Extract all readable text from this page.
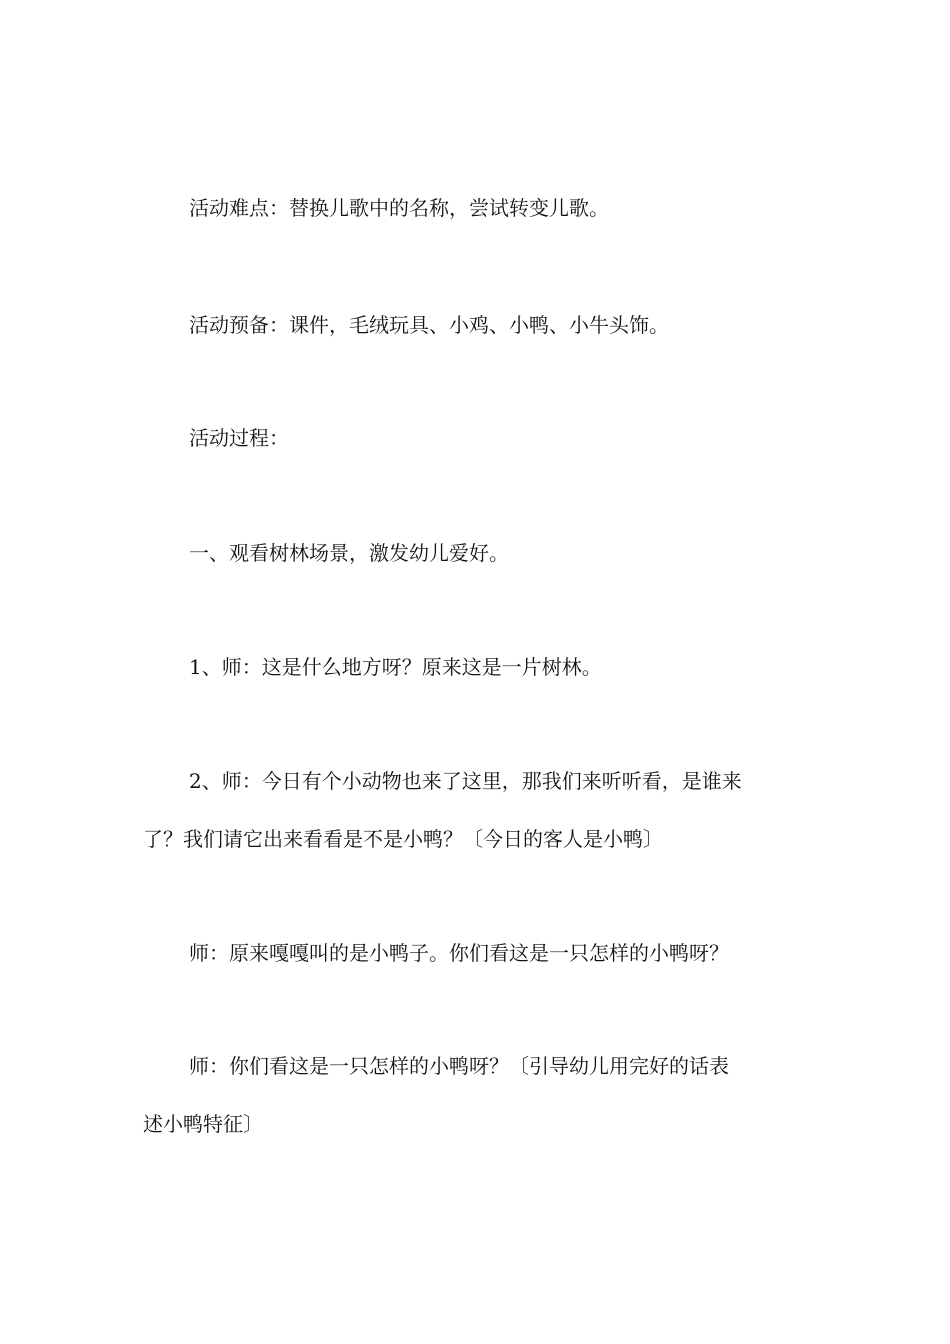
活动难点：替换儿歌中的名称，尝试转变儿歌。
活动预备：课件，毛绒玩具、小鸡、小鸭、小牛头饰。
活动过程：
一、观看树林场景，激发幼儿爱好。
1、师：这是什么地方呀？原来这是一片树林。
2、师：今日有个小动物也来了这里，那我们来听听看，是谁来
了？我们请它出来看看是不是小鸭？〔今日的客人是小鸭〕
师：原来嘎嘎叫的是小鸭子。你们看这是一只怎样的小鸭呀？
师：你们看这是一只怎样的小鸭呀？〔引导幼儿用完好的话表
述小鸭特征〕
